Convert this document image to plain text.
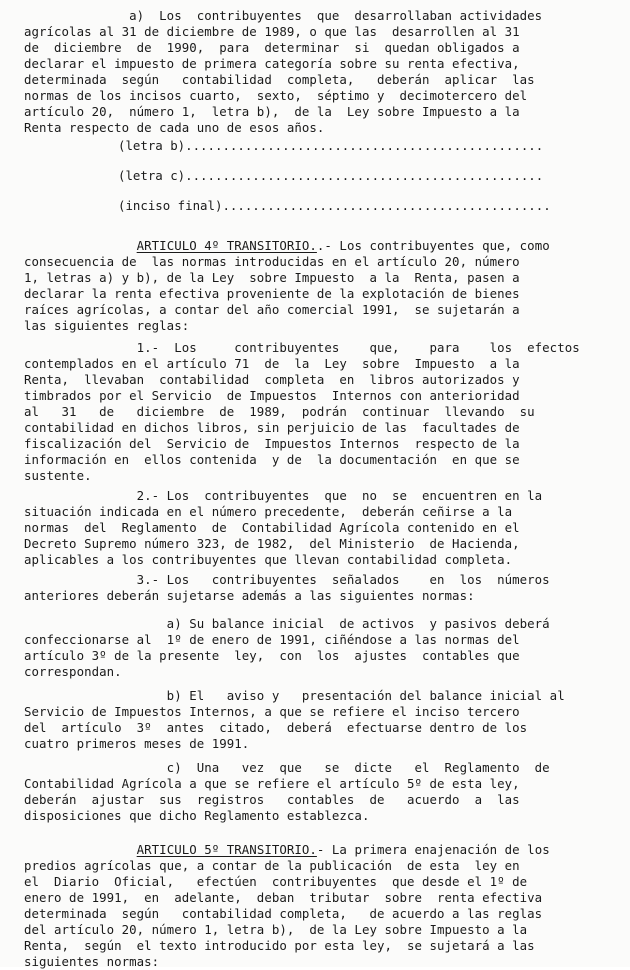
a)  Los  contribuyentes  que  desarrollaban actividades
agrícolas al 31 de diciembre de 1989, o que las  desarrollen al 31
de  diciembre  de  1990,  para  determinar  si  quedan obligados a
declarar el impuesto de primera categoría sobre su renta efectiva,
determinada  según   contabilidad  completa,   deberán  aplicar  las
normas de los incisos cuarto,  sexto,  séptimo y  decimotercero del
artículo 20,  número 1,  letra b),  de la  Ley sobre Impuesto a la
Renta respecto de cada uno de esos años.
(letra b)................................................
(letra c)................................................
(inciso final)............................................
ARTICULO 4º TRANSITORIO..- Los contribuyentes que, como
consecuencia de  las normas introducidas en el artículo 20, número
1, letras a) y b), de la Ley  sobre Impuesto  a la  Renta, pasen a
declarar la renta efectiva proveniente de la explotación de bienes
raíces agrícolas, a contar del año comercial 1991,  se sujetarán a
las siguientes reglas:
1.-  Los     contribuyentes    que,    para    los  efectos
contemplados en el artículo 71  de  la  Ley  sobre  Impuesto  a la
Renta,  llevaban  contabilidad  completa  en  libros autorizados y
timbrados por el Servicio  de Impuestos  Internos con anterioridad
al   31   de   diciembre  de  1989,  podrán  continuar  llevando  su
contabilidad en dichos libros, sin perjuicio de las  facultades de
fiscalización del  Servicio de  Impuestos Internos  respecto de la
información en  ellos contenida  y de  la documentación  en que se
sustente.
2.- Los  contribuyentes  que  no  se  encuentren en la
situación indicada en el número precedente,  deberán ceñirse a la
normas  del  Reglamento  de  Contabilidad Agrícola contenido en el
Decreto Supremo número 323, de 1982,  del Ministerio  de Hacienda,
aplicables a los contribuyentes que llevan contabilidad completa.
3.- Los   contribuyentes  señalados    en  los  números
anteriores deberán sujetarse además a las siguientes normas:
a) Su balance inicial  de activos  y pasivos deberá
confeccionarse al  1º de enero de 1991, ciñéndose a las normas del
artículo 3º de la presente  ley,  con  los  ajustes  contables que
correspondan.
b) El   aviso y   presentación del balance inicial al
Servicio de Impuestos Internos, a que se refiere el inciso tercero
del  artículo  3º  antes  citado,  deberá  efectuarse dentro de los
cuatro primeros meses de 1991.
c)  Una   vez  que   se  dicte   el  Reglamento  de
Contabilidad Agrícola a que se refiere el artículo 5º de esta ley,
deberán  ajustar  sus  registros   contables  de   acuerdo  a  las
disposiciones que dicho Reglamento establezca.
ARTICULO 5º TRANSITORIO.- La primera enajenación de los
predios agrícolas que, a contar de la publicación  de esta  ley en
el  Diario  Oficial,   efectúen  contribuyentes  que desde el 1º de
enero de 1991,  en  adelante,  deban  tributar  sobre  renta efectiva
determinada  según   contabilidad completa,   de acuerdo a las reglas
del artículo 20, número 1, letra b),  de la Ley sobre Impuesto a la
Renta,  según  el texto introducido por esta ley,  se sujetará a las
siguientes normas:
